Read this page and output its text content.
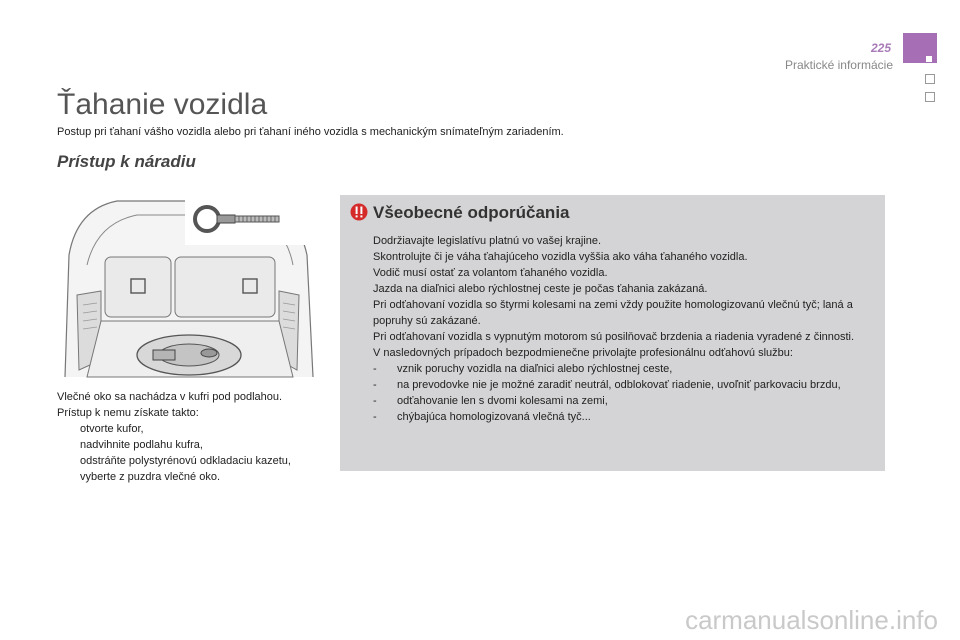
225
Praktické informácie
Ťahanie vozidla

Postup pri ťahaní vášho vozidla alebo pri ťahaní iného vozidla s mechanickým snímateľným zariadením.

Prístup k náradiu

Vlečné oko sa nachádza v kufri pod podlahou.

Prístup k nemu získate takto:

otvorte kufor,
nadvihnite podlahu kufra,
odstráňte polystyrénovú odkladaciu kazetu,
vyberte z puzdra vlečné oko.
Všeobecné odporúčania

Dodržiavajte legislatívu platnú vo vašej krajine.

Skontrolujte či je váha ťahajúceho vozidla vyššia ako váha ťahaného vozidla.

Vodič musí ostať za volantom ťahaného vozidla.

Jazda na diaľnici alebo rýchlostnej ceste je počas ťahania zakázaná.

Pri odťahovaní vozidla so štyrmi kolesami na zemi vždy použite homologizovanú vlečnú tyč; laná a popruhy sú zakázané.

Pri odťahovaní vozidla s vypnutým motorom sú posilňovač brzdenia a riadenia vyradené z činnosti.

V nasledovných prípadoch bezpodmienečne privolajte profesionálnu odťahovú službu:

- vznik poruchy vozidla na diaľnici alebo rýchlostnej ceste,
- na prevodovke nie je možné zaradiť neutrál, odblokovať riadenie, uvoľniť parkovaciu brzdu,
- odťahovanie len s dvomi kolesami na zemi,
- chýbajúca homologizovaná vlečná tyč...
carmanualsonline.info
